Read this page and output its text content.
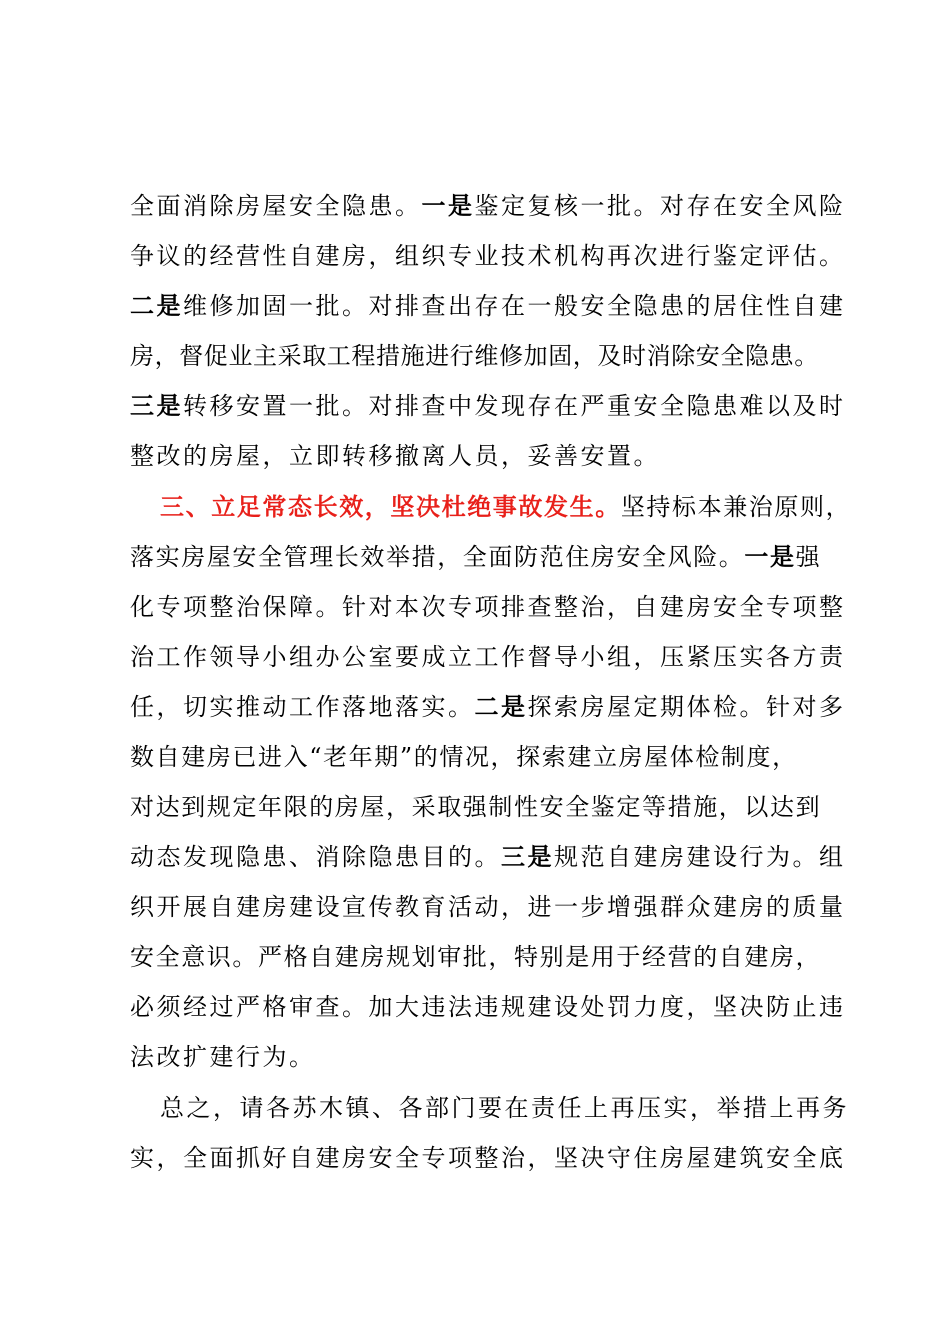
全面消除房屋安全隐患。一是鉴定复核一批。对存在安全风险
争议的经营性自建房，组织专业技术机构再次进行鉴定评估。
二是维修加固一批。对排查出存在一般安全隐患的居住性自建
房，督促业主采取工程措施进行维修加固，及时消除安全隐患。
三是转移安置一批。对排查中发现存在严重安全隐患难以及时
整改的房屋，立即转移撤离人员，妥善安置。
三、立足常态长效，坚决杜绝事故发生。坚持标本兼治原则，
落实房屋安全管理长效举措，全面防范住房安全风险。一是强
化专项整治保障。针对本次专项排查整治，自建房安全专项整
治工作领导小组办公室要成立工作督导小组，压紧压实各方责
任，切实推动工作落地落实。二是探索房屋定期体检。针对多
数自建房已进入“老年期”的情况，探索建立房屋体检制度，
对达到规定年限的房屋，采取强制性安全鉴定等措施，以达到
动态发现隐患、消除隐患目的。三是规范自建房建设行为。组
织开展自建房建设宣传教育活动，进一步增强群众建房的质量
安全意识。严格自建房规划审批，特别是用于经营的自建房，
必须经过严格审查。加大违法违规建设处罚力度，坚决防止违
法改扩建行为。
总之，请各苏木镇、各部门要在责任上再压实，举措上再务
实，全面抓好自建房安全专项整治，坚决守住房屋建筑安全底
